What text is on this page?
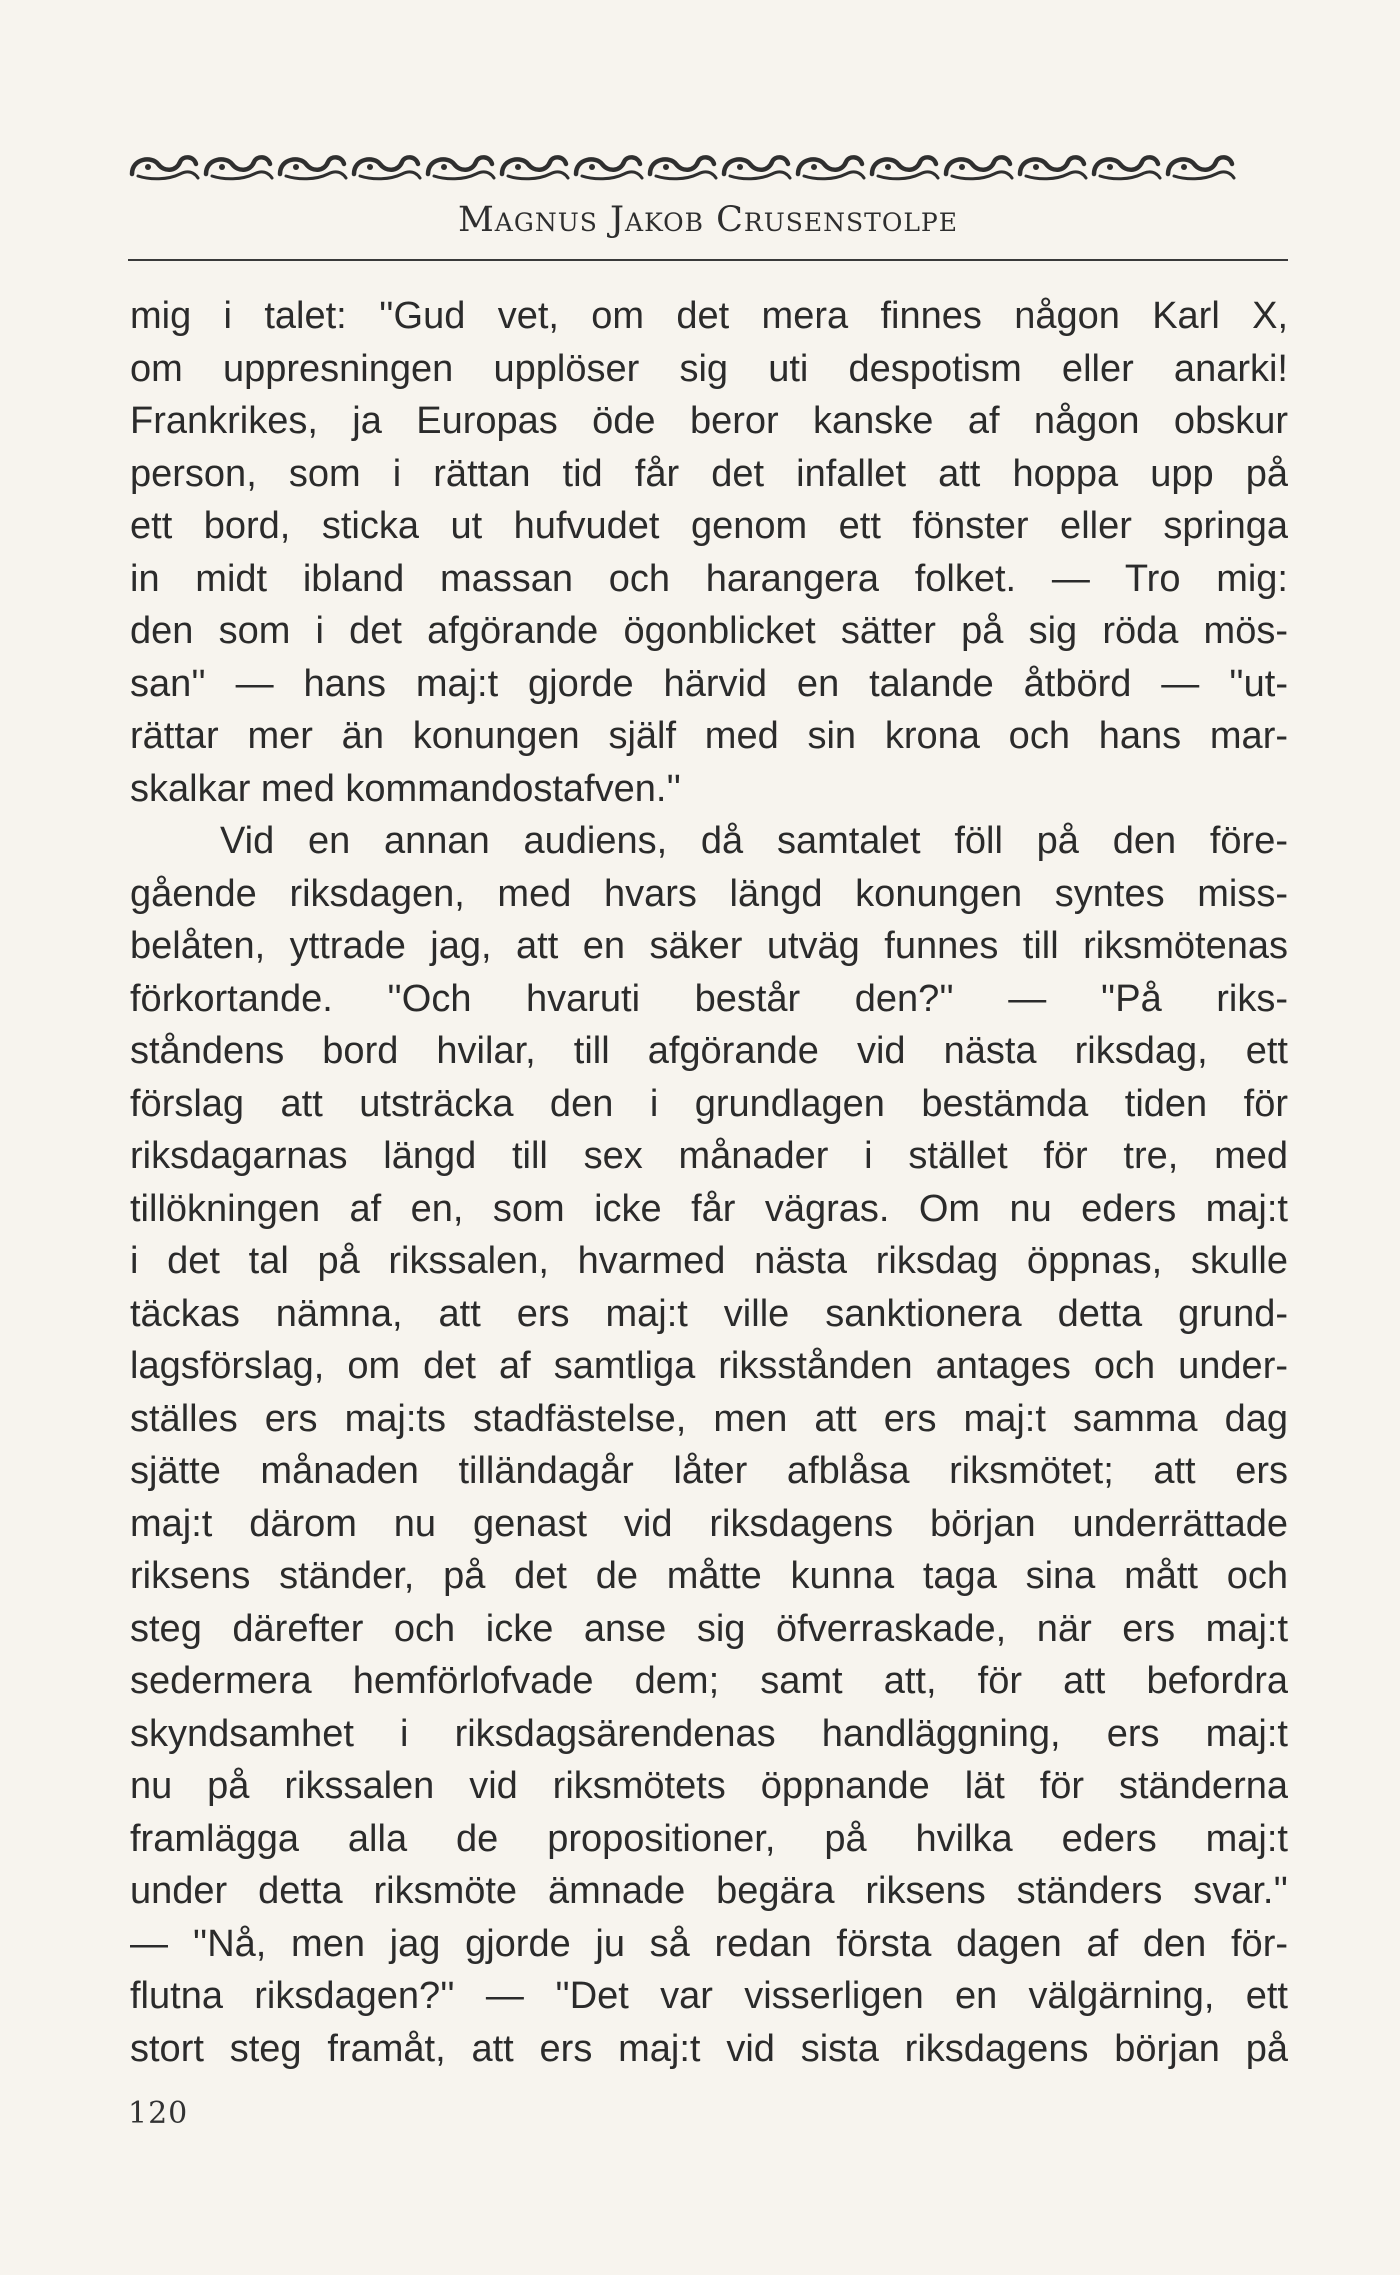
Magnus Jakob Crusenstolpe
mig i talet: ''Gud vet, om det mera finnes någon Karl X,
om uppresningen upplöser sig uti despotism eller anarki!
Frankrikes, ja Europas öde beror kanske af någon obskur
person, som i rättan tid får det infallet att hoppa upp på
ett bord, sticka ut hufvudet genom ett fönster eller springa
in midt ibland massan och harangera folket. — Tro mig:
den som i det afgörande ögonblicket sätter på sig röda mös-
san'' — hans maj:t gjorde härvid en talande åtbörd — ''ut-
rättar mer än konungen själf med sin krona och hans mar-
skalkar med kommandostafven.''
Vid en annan audiens, då samtalet föll på den före-
gående riksdagen, med hvars längd konungen syntes miss-
belåten, yttrade jag, att en säker utväg funnes till riksmötenas
förkortande. ''Och hvaruti består den?'' — ''På riks-
ståndens bord hvilar, till afgörande vid nästa riksdag, ett
förslag att utsträcka den i grundlagen bestämda tiden för
riksdagarnas längd till sex månader i stället för tre, med
tillökningen af en, som icke får vägras. Om nu eders maj:t
i det tal på rikssalen, hvarmed nästa riksdag öppnas, skulle
täckas nämna, att ers maj:t ville sanktionera detta grund-
lagsförslag, om det af samtliga riksstånden antages och under-
ställes ers maj:ts stadfästelse, men att ers maj:t samma dag
sjätte månaden tilländagår låter afblåsa riksmötet; att ers
maj:t därom nu genast vid riksdagens början underrättade
riksens ständer, på det de måtte kunna taga sina mått och
steg därefter och icke anse sig öfverraskade, när ers maj:t
sedermera hemförlofvade dem; samt att, för att befordra
skyndsamhet i riksdagsärendenas handläggning, ers maj:t
nu på rikssalen vid riksmötets öppnande lät för ständerna
framlägga alla de propositioner, på hvilka eders maj:t
under detta riksmöte ämnade begära riksens ständers svar.''
— ''Nå, men jag gjorde ju så redan första dagen af den för-
flutna riksdagen?'' — ''Det var visserligen en välgärning, ett
stort steg framåt, att ers maj:t vid sista riksdagens början på
120
